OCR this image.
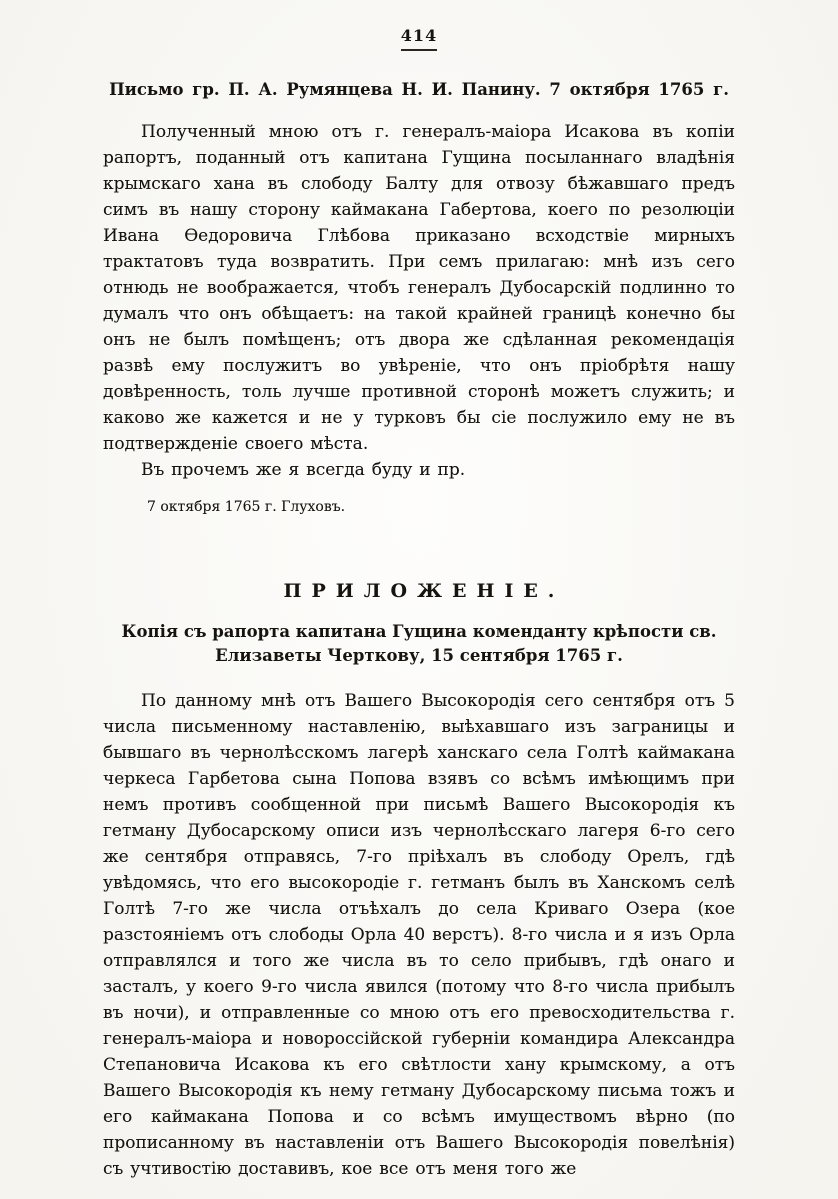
414
Письмо гр. П. А. Румянцева Н. И. Панину. 7 октября 1765 г.

Полученный мною отъ г. генералъ-маіора Исакова въ копіи рапортъ, поданный отъ капитана Гущина посыланнаго владѣнія крымскаго хана въ слободу Балту для отвозу бѣжавшаго предъ симъ въ нашу сторону каймакана Габертова, коего по резолюціи Ивана Ѳедоровича Глѣбова приказано всходствіе мирныхъ трактатовъ туда возвратить. При семъ прилагаю: мнѣ изъ сего отнюдь не воображается, чтобъ генералъ Дубосарскій подлинно то думалъ что онъ обѣщаетъ: на такой крайней границѣ конечно бы онъ не былъ помѣщенъ; отъ двора же сдѣланная рекомендація развѣ ему послужитъ во увѣреніе, что онъ пріобрѣтя нашу довѣренность, толь лучше противной сторонѣ можетъ служить; и каково же кажется и не у турковъ бы сіе послужило ему не въ подтвержденіе своего мѣста.

Въ прочемъ же я всегда буду и пр.

7 октября 1765 г. Глуховъ.

ПРИЛОЖЕНІЕ.
Копія съ рапорта капитана Гущина коменданту крѣпости св. Елизаветы Черткову, 15 сентября 1765 г.

По данному мнѣ отъ Вашего Высокородія сего сентября отъ 5 числа письменному наставленію, выѣхавшаго изъ заграницы и бывшаго въ чернолѣсскомъ лагерѣ ханскаго села Голтѣ каймакана черкеса Гарбетова сына Попова взявъ со всѣмъ имѣющимъ при немъ противъ сообщенной при письмѣ Вашего Высокородія къ гетману Дубосарскому описи изъ чернолѣсскаго лагеря 6-го сего же сентября отправясь, 7-го пріѣхалъ въ слободу Орелъ, гдѣ увѣдомясь, что его высокородіе г. гетманъ былъ въ Ханскомъ селѣ Голтѣ 7-го же числа отъѣхалъ до села Криваго Озера (кое разстояніемъ отъ слободы Орла 40 верстъ). 8-го числа и я изъ Орла отправлялся и того же числа въ то село прибывъ, гдѣ онаго и засталъ, у коего 9-го числа явился (потому что 8-го числа прибылъ въ ночи), и отправленные со мною отъ его превосходительства г. генералъ-маіора и новороссійской губерніи командира Александра Степановича Исакова къ его свѣтлости хану крымскому, а отъ Вашего Высокородія къ нему гетману Дубосарскому письма тожъ и его каймакана Попова и со всѣмъ имуществомъ вѣрно (по прописанному въ наставленіи отъ Вашего Высокородія повелѣнія) съ учтивостію доставивъ, кое все отъ меня того же
